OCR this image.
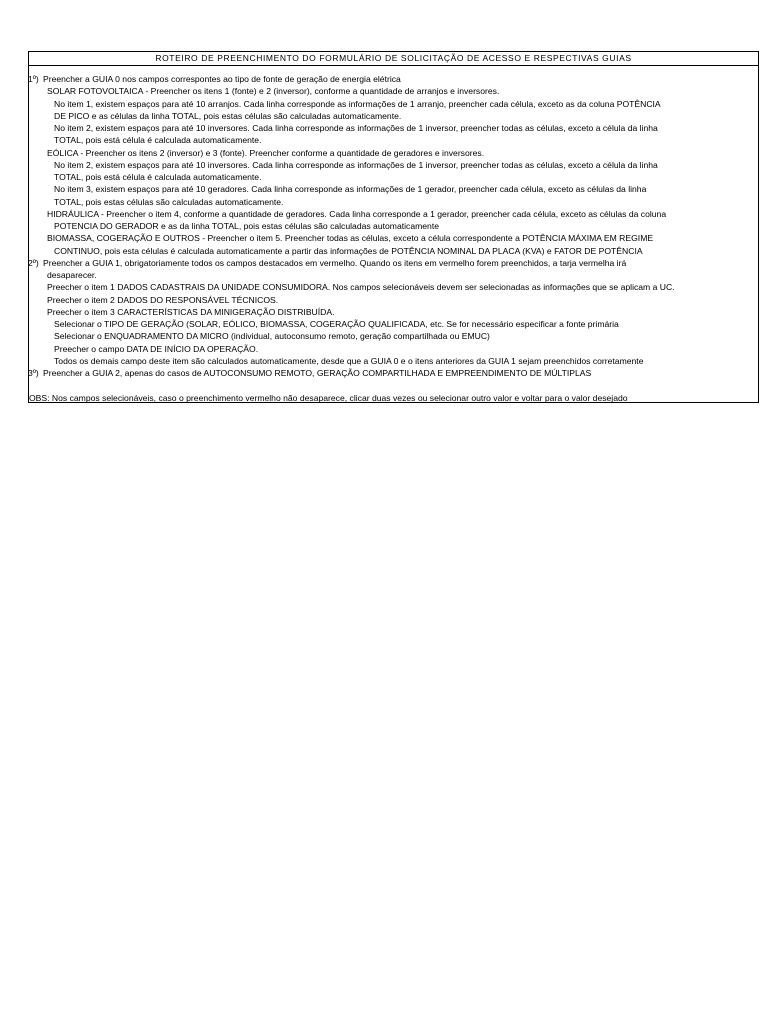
ROTEIRO DE PREENCHIMENTO DO FORMULÁRIO DE SOLICITAÇÃO DE ACESSO E RESPECTIVAS GUIAS
1º) Preencher a GUIA 0 nos campos correspontes ao tipo de fonte de geração de energia elétrica
SOLAR FOTOVOLTAICA - Preencher os itens 1 (fonte) e 2 (inversor), conforme a quantidade de arranjos e inversores.
No item 1, existem espaços para até 10 arranjos. Cada linha corresponde as informações de 1 arranjo, preencher cada célula, exceto as da coluna POTÊNCIA
DE PICO e as células da linha TOTAL, pois estas células são calculadas automaticamente.
No item 2, existem espaços para até 10 inversores. Cada linha corresponde as informações de 1 inversor, preencher todas as células, exceto a célula da linha
TOTAL, pois está célula é calculada automaticamente.
EÓLICA - Preencher os itens 2 (inversor) e 3 (fonte). Preencher conforme a quantidade de geradores e inversores.
No item 2, existem espaços para até 10 inversores. Cada linha corresponde as informações de 1 inversor, preencher todas as células, exceto a célula da linha
TOTAL, pois está célula é calculada automaticamente.
No item 3, existem espaços para até 10 geradores. Cada linha corresponde as informações de 1 gerador, preencher cada célula, exceto as células da linha
TOTAL, pois estas células são calculadas automaticamente.
HIDRÁULICA - Preencher o item 4, conforme a quantidade de geradores. Cada linha corresponde a 1 gerador, preencher cada célula, exceto as células da coluna
POTENCIA DO GERADOR e as da linha TOTAL, pois estas células são calculadas automaticamente
BIOMASSA, COGERAÇÃO E OUTROS - Preencher o item 5. Preencher todas as células, exceto a célula correspondente a POTÊNCIA MÁXIMA EM REGIME
CONTINUO, pois esta células é calculada automaticamente a partir das informações de POTÊNCIA NOMINAL DA PLACA (KVA) e FATOR DE POTÊNCIA
2º) Preencher a GUIA 1, obrigatoriamente todos os campos destacados em vermelho. Quando os itens em vermelho forem preenchidos, a tarja vermelha irá
desaparecer.
Preecher o item 1 DADOS CADASTRAIS DA UNIDADE CONSUMIDORA. Nos campos selecionáveis devem ser selecionadas as informações que se aplicam a UC.
Preecher o item 2 DADOS DO RESPONSÁVEL TÉCNICOS.
Preecher o item 3 CARACTERÍSTICAS DA MINIGERAÇÃO DISTRIBUÍDA.
Selecionar o TIPO DE GERAÇÃO (SOLAR, EÓLICO, BIOMASSA, COGERAÇÃO QUALIFICADA, etc. Se for necessário especificar a fonte primária
Selecionar o ENQUADRAMENTO DA MICRO (individual, autoconsumo remoto, geração compartilhada ou EMUC)
Preecher o campo DATA DE INÍCIO DA OPERAÇÃO.
Todos os demais campo deste item são calculados automaticamente, desde que a GUIA 0 e o itens anteriores da GUIA 1 sejam preenchidos corretamente
3º) Preencher a GUIA 2, apenas do casos de AUTOCONSUMO REMOTO, GERAÇÃO COMPARTILHADA E EMPREENDIMENTO DE MÚLTIPLAS
OBS: Nos campos selecionáveis, caso o preenchimento vermelho não desaparece, clicar duas vezes ou selecionar outro valor e voltar para o valor desejado
